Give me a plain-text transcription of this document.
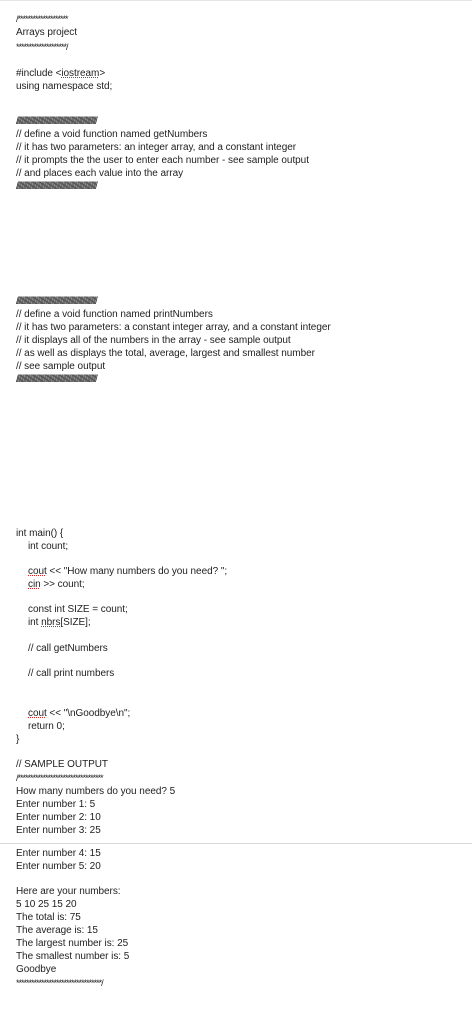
/********************
Arrays project
********************/
#include <iostream>
using namespace std;
////////////////////////////////////////////////////////////////////
// define a void function named getNumbers
// it has two parameters: an integer array, and a constant integer
// it prompts the the user to enter each number - see sample output
// and places each value into the array
////////////////////////////////////////////////////////////////////
////////////////////////////////////////////////////////////////////
// define a void function named printNumbers
// it has two parameters: a constant integer array, and a constant integer
// it displays all of the numbers in the array - see sample output
// as well as displays the total, average, largest and smallest number
// see sample output
////////////////////////////////////////////////////////////////////
int main() {
int count;
cout << "How many numbers do you need? ";
cin >> count;
const int SIZE = count;
int nbrs[SIZE];
// call getNumbers
// call print numbers
cout << "\nGoodbye\n";
return 0;
}
// SAMPLE OUTPUT
/**********************************
How many numbers do you need? 5
Enter number 1: 5
Enter number 2: 10
Enter number 3: 25
Enter number 4: 15
Enter number 5: 20
Here are your numbers:
5 10 25 15 20
The total is: 75
The average is: 15
The largest number is: 25
The smallest number is: 5
Goodbye
**********************************/
